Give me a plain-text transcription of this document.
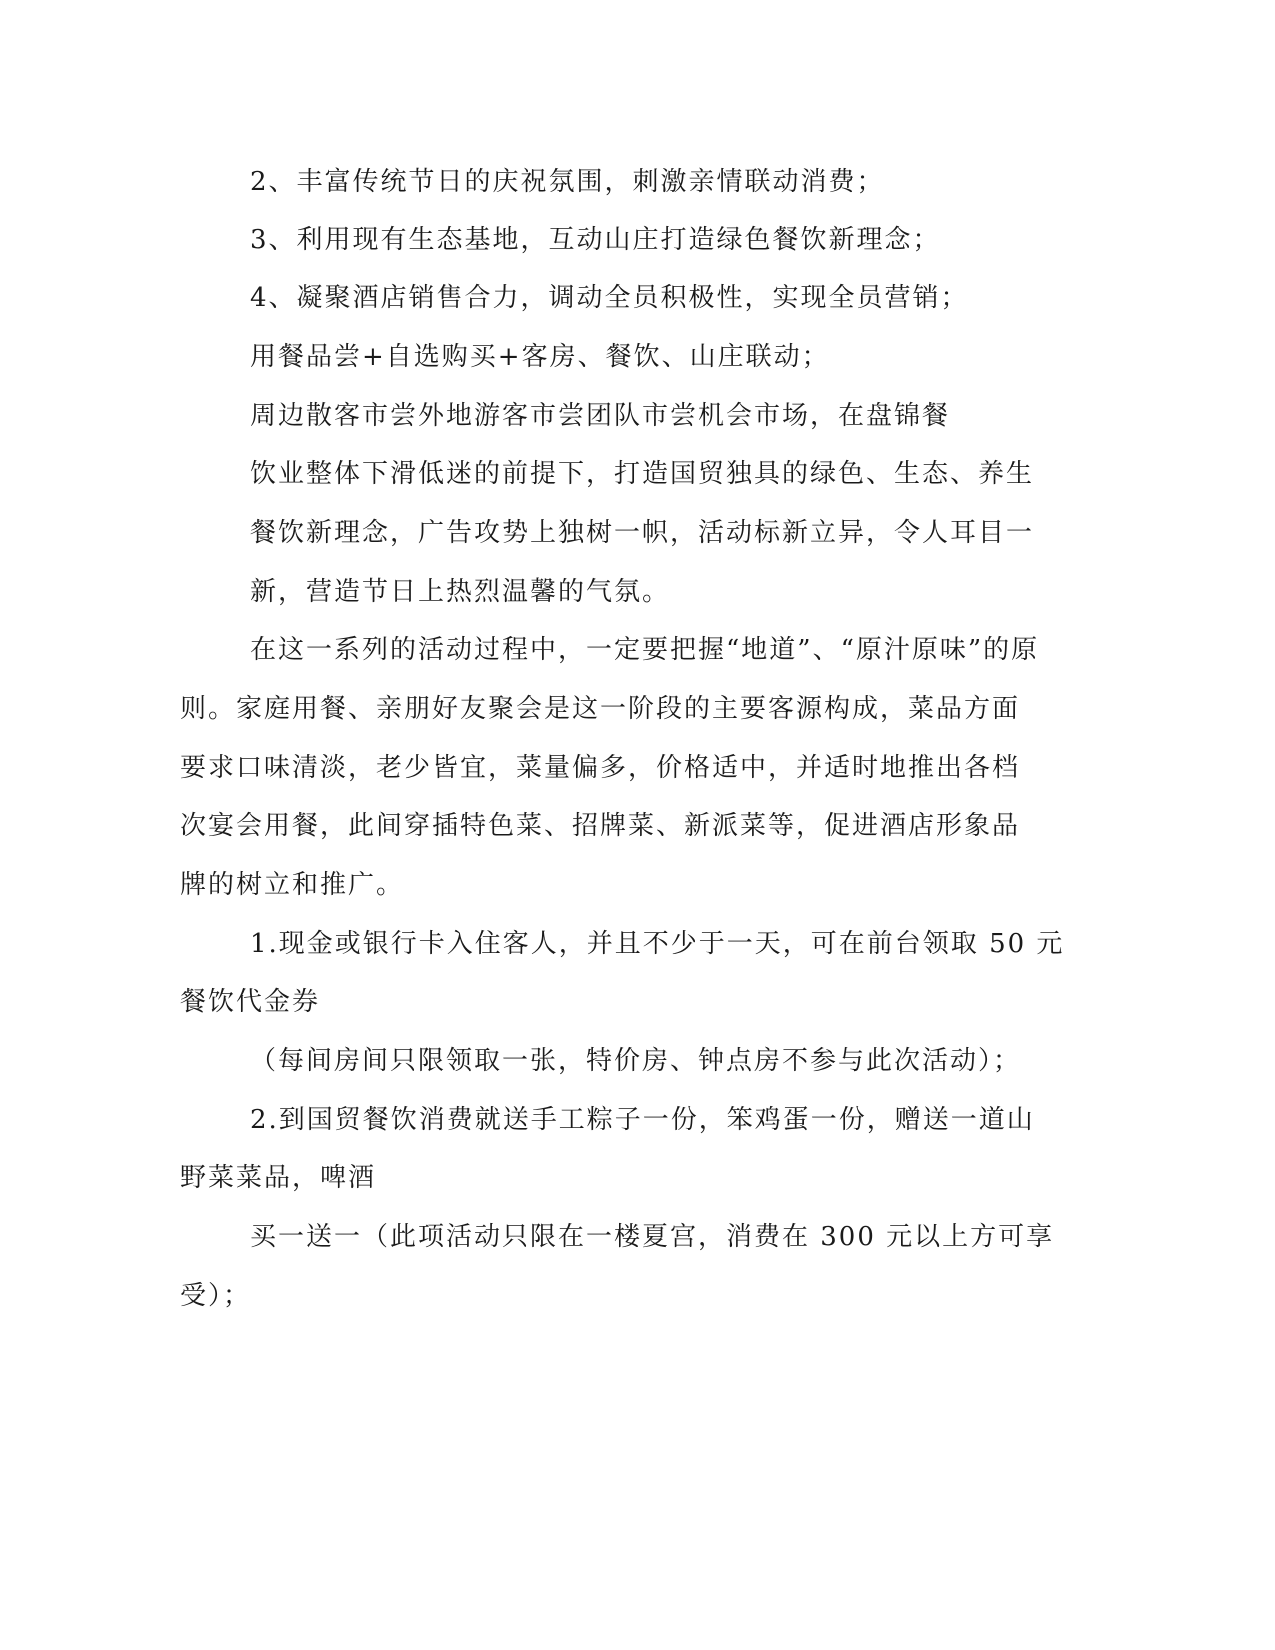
2、丰富传统节日的庆祝氛围，刺激亲情联动消费；
3、利用现有生态基地，互动山庄打造绿色餐饮新理念；
4、凝聚酒店销售合力，调动全员积极性，实现全员营销；
用餐品尝+自选购买+客房、餐饮、山庄联动；
周边散客市尝外地游客市尝团队市尝机会市场，在盘锦餐
饮业整体下滑低迷的前提下，打造国贸独具的绿色、生态、养生
餐饮新理念，广告攻势上独树一帜，活动标新立异，令人耳目一
新，营造节日上热烈温馨的气氛。
在这一系列的活动过程中，一定要把握“地道”、“原汁原味”的原
则。家庭用餐、亲朋好友聚会是这一阶段的主要客源构成，菜品方面
要求口味清淡，老少皆宜，菜量偏多，价格适中，并适时地推出各档
次宴会用餐，此间穿插特色菜、招牌菜、新派菜等，促进酒店形象品
牌的树立和推广。
1.现金或银行卡入住客人，并且不少于一天，可在前台领取 50 元
餐饮代金券
（每间房间只限领取一张，特价房、钟点房不参与此次活动）；
2.到国贸餐饮消费就送手工粽子一份，笨鸡蛋一份，赠送一道山
野菜菜品，啤酒
买一送一（此项活动只限在一楼夏宫，消费在 300 元以上方可享
受）；
